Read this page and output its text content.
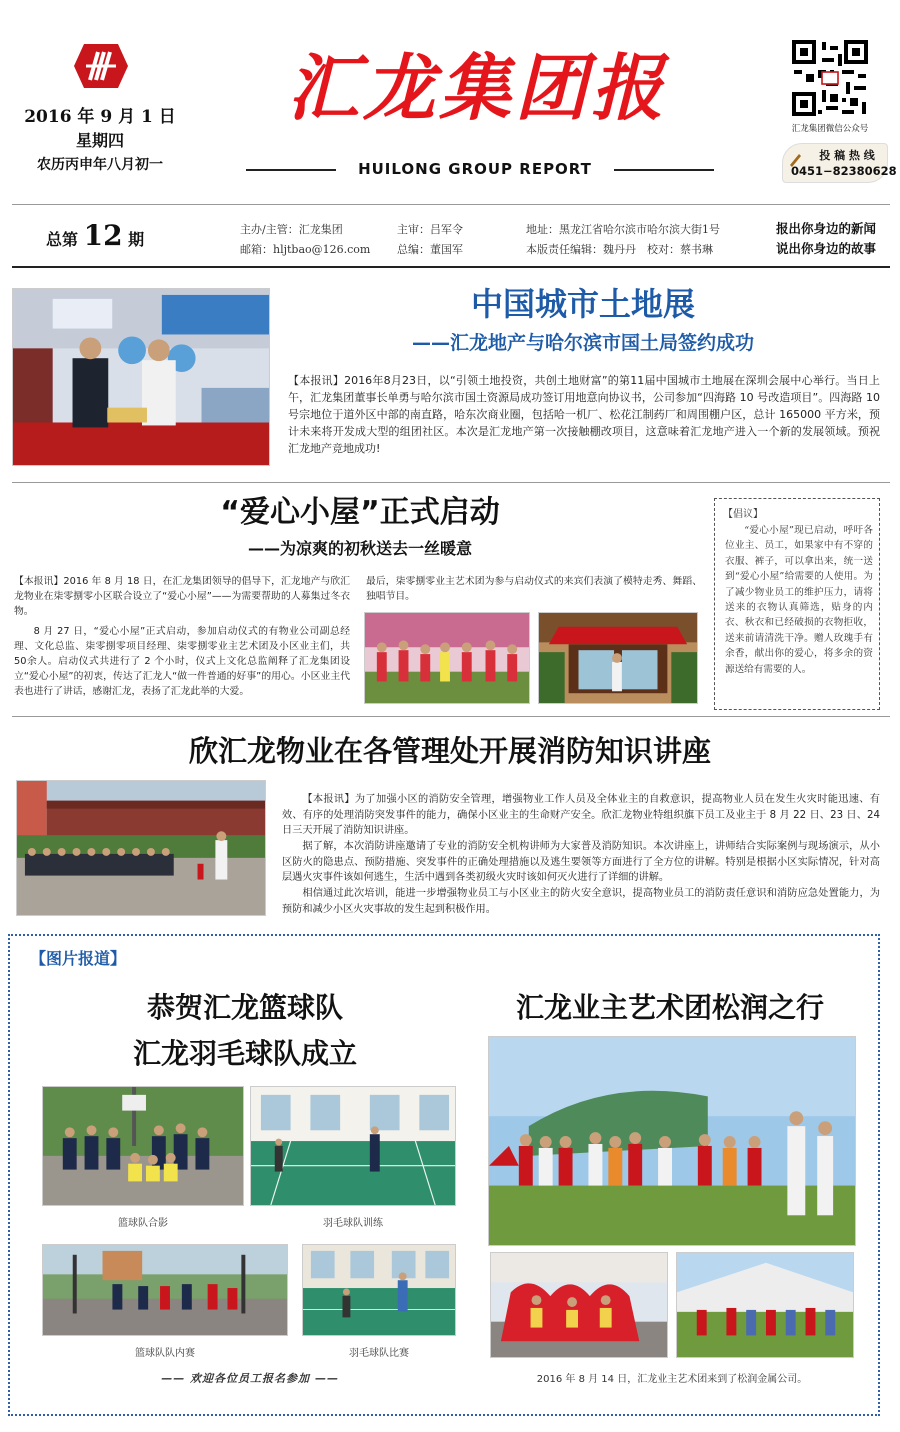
2016 年 9 月 1 日
星期四
农历丙申年八月初一
汇龙集团报
HUILONG GROUP REPORT
汇龙集团微信公众号
投 稿 热 线
0451−82380628
总第 12 期
主办/主管：汇龙集团
邮箱：hljtbao@126.com
主审：吕军令
总编：董国军
地址：黑龙江省哈尔滨市哈尔滨大街1号
本版责任编辑：魏丹丹　校对：蔡书琳
报出你身边的新闻
说出你身边的故事
中国城市土地展
——汇龙地产与哈尔滨市国土局签约成功
【本报讯】2016年8月23日，以“引领土地投资，共创土地财富”的第11届中国城市土地展在深圳会展中心举行。当日上午，汇龙集团董事长单勇与哈尔滨市国土资源局成功签订用地意向协议书，公司参加“四海路 10 号改造项目”。四海路 10 号宗地位于道外区中部的南直路，哈东次商业圈，包括哈一机厂、松花江制药厂和周围棚户区，总计 165000 平方米，预计未来将开发成大型的组团社区。本次是汇龙地产第一次接触棚改项目，这意味着汇龙地产进入一个新的发展领域。预祝汇龙地产竞地成功!
“爱心小屋”正式启动
——为凉爽的初秋送去一丝暖意
【本报讯】2016 年 8 月 18 日，在汇龙集团领导的倡导下，汇龙地产与欣汇龙物业在柒零捌零小区联合设立了“爱心小屋”——为需要帮助的人募集过冬衣物。
8 月 27 日，“爱心小屋”正式启动，参加启动仪式的有物业公司副总经理、文化总监、柒零捌零项目经理、柒零捌零业主艺术团及小区业主们，共 50余人。启动仪式共进行了 2 个小时，仪式上文化总监阐释了汇龙集团设立“爱心小屋”的初衷，传达了汇龙人“做一件普通的好事”的用心。小区业主代表也进行了讲话，感谢汇龙，表扬了汇龙此举的大爱。
最后，柒零捌零业主艺术团为参与启动仪式的来宾们表演了模特走秀、舞蹈、独唱节目。
【倡议】
“爱心小屋”现已启动，呼吁各位业主、员工，如果家中有不穿的衣服、裤子，可以拿出来，统一送到“爱心小屋”给需要的人使用。为了减少物业员工的维护压力，请将送来的衣物认真筛选，贴身的内衣、秋衣和已经破损的衣物拒收，送来前请清洗干净。赠人玫瑰手有余香，献出你的爱心，将多余的资源送给有需要的人。
欣汇龙物业在各管理处开展消防知识讲座
【本报讯】为了加强小区的消防安全管理，增强物业工作人员及全体业主的自救意识，提高物业人员在发生火灾时能迅速、有效、有序的处理消防突发事件的能力，确保小区业主的生命财产安全。欣汇龙物业特组织旗下员工及业主于 8 月 22 日、23 日、24 日三天开展了消防知识讲座。
据了解，本次消防讲座邀请了专业的消防安全机构讲师为大家普及消防知识。本次讲座上，讲师结合实际案例与现场演示，从小区防火的隐患点、预防措施、突发事件的正确处理措施以及逃生要领等方面进行了全方位的讲解。特别是根据小区实际情况，针对高层遇火灾事件该如何逃生，生活中遇到各类初级火灾时该如何灭火进行了详细的讲解。
相信通过此次培训，能进一步增强物业员工与小区业主的防火安全意识，提高物业员工的消防责任意识和消防应急处置能力，为预防和减少小区火灾事故的发生起到积极作用。
【图片报道】
恭贺汇龙篮球队
汇龙羽毛球队成立
篮球队合影	羽毛球队训练
篮球队队内赛	羽毛球队比赛
—— 欢迎各位员工报名参加 ——
汇龙业主艺术团松润之行
2016 年 8 月 14 日，汇龙业主艺术团来到了松润金属公司。
